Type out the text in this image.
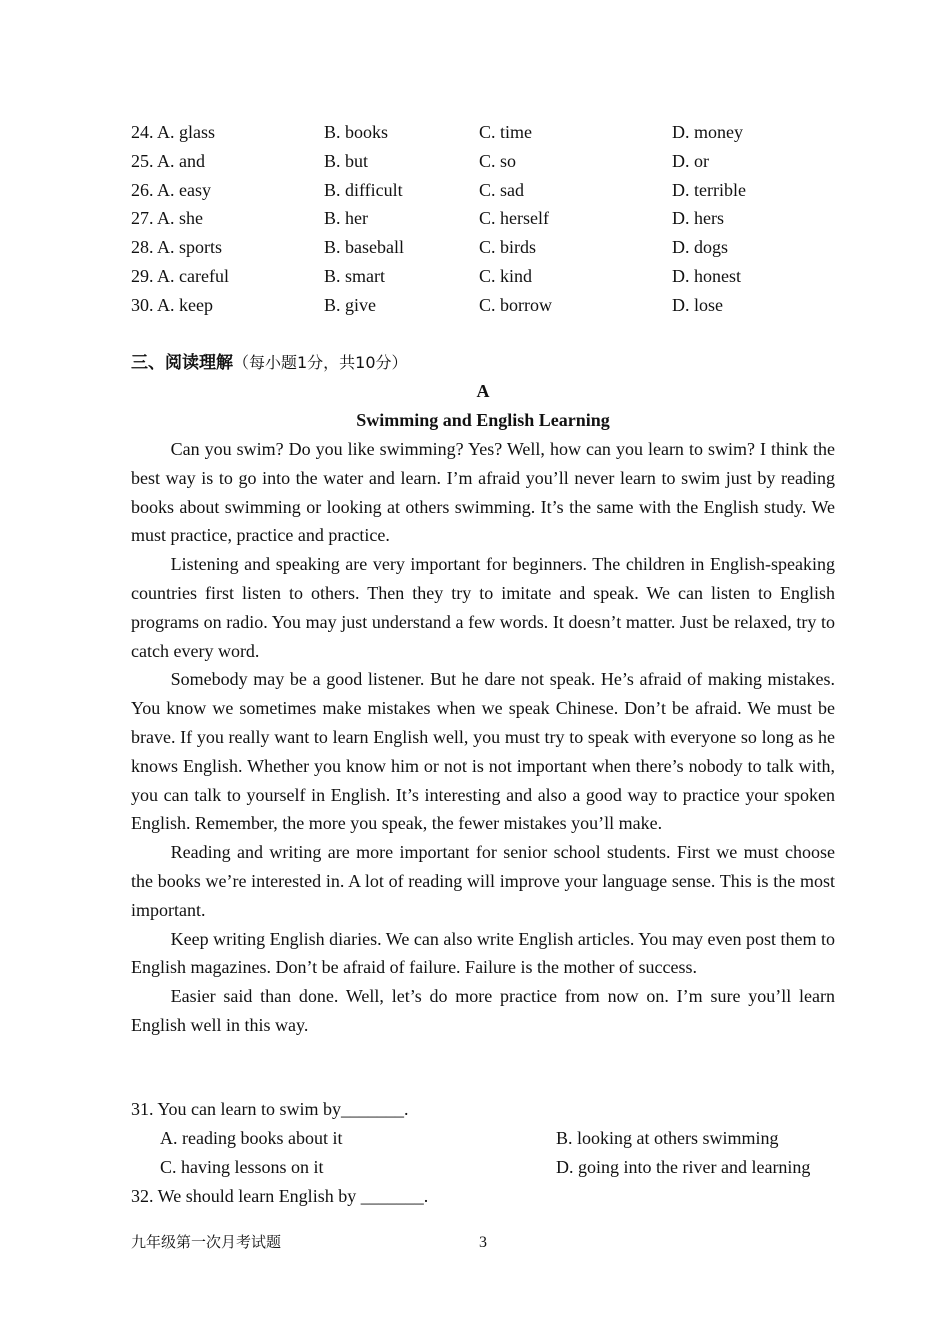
24. A. glass	B. books	C. time	D. money
25. A. and	B. but	C. so	D. or
26. A. easy	B. difficult	C. sad	D. terrible
27. A. she	B. her	C. herself	D. hers
28. A. sports	B. baseball	C. birds	D. dogs
29. A. careful	B. smart	C. kind	D. honest
30. A. keep	B. give	C. borrow	D. lose
三、阅读理解（每小题1分，共10分）
A
Swimming and English Learning

Can you swim? Do you like swimming? Yes? Well, how can you learn to swim? I think the best way is to go into the water and learn. I’m afraid you’ll never learn to swim just by reading books about swimming or looking at others swimming. It’s the same with the English study. We must practice, practice and practice.

Listening and speaking are very important for beginners. The children in English-speaking countries first listen to others. Then they try to imitate and speak. We can listen to English programs on radio. You may just understand a few words. It doesn’t matter. Just be relaxed, try to catch every word.

Somebody may be a good listener. But he dare not speak. He’s afraid of making mistakes. You know we sometimes make mistakes when we speak Chinese. Don’t be afraid. We must be brave. If you really want to learn English well, you must try to speak with everyone so long as he knows English. Whether you know him or not is not important when there’s nobody to talk with, you can talk to yourself in English. It’s interesting and also a good way to practice your spoken English. Remember, the more you speak, the fewer mistakes you’ll make.

Reading and writing are more important for senior school students. First we must choose the books we’re interested in. A lot of reading will improve your language sense. This is the most important.

Keep writing English diaries. We can also write English articles. You may even post them to English magazines. Don’t be afraid of failure. Failure is the mother of success.

Easier said than done. Well, let’s do more practice from now on. I’m sure you’ll learn English well in this way.

31. You can learn to swim by_______.
A. reading books about it	B. looking at others swimming
C. having lessons on it	D. going into the river and learning
32. We should learn English by _______.
九年级第一次月考试题	3
